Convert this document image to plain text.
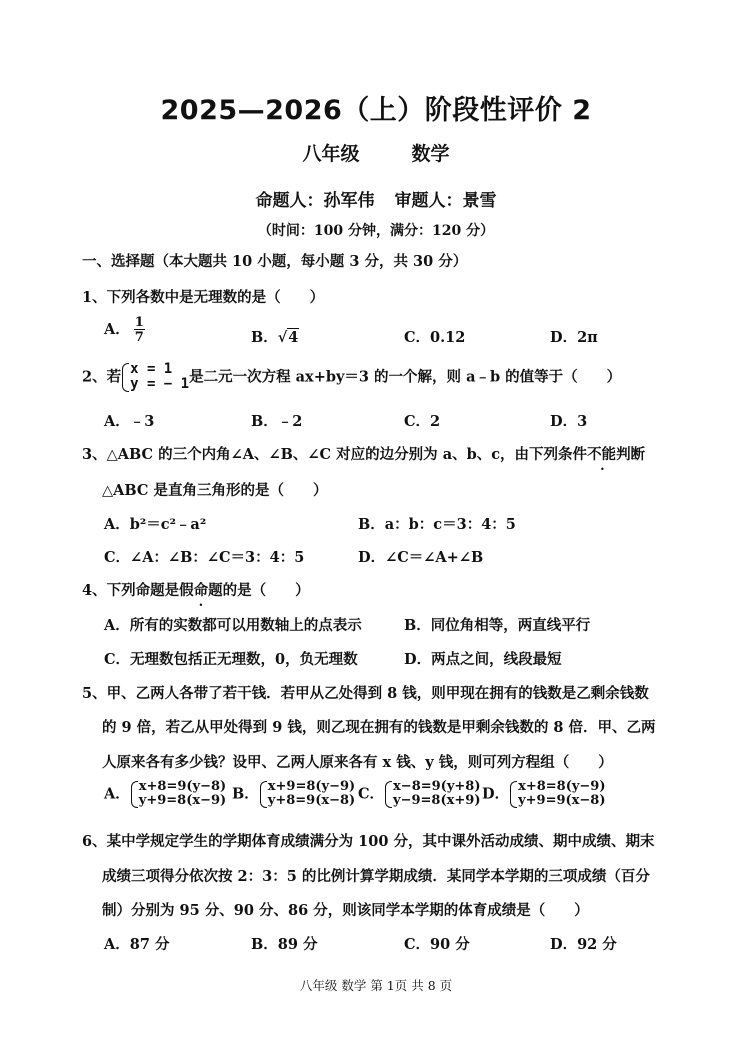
2025—2026（上）阶段性评价 2
八年级	数学
命题人：孙军伟 审题人：景雪
（时间：100 分钟，满分：120 分）
一、选择题（本大题共 10 小题，每小题 3 分，共 30 分）
1、下列各数中是无理数的是（　　）
A． $\frac{1}{7}$	B．√4	C．0.12	D．2π
2、若 x = 1
y = − 1 是二元一次方程 ax+by＝3 的一个解，则 a﹣b 的值等于（　　）
A．﹣3	B．﹣2	C．2	D．3
3、△ABC 的三个内角∠A、∠B、∠C 对应的边分别为 a、b、c，由下列条件不能判断
△ABC 是直角三角形的是（　　）
A．b²＝c²﹣a²	B．a：b：c＝3：4：5
C．∠A：∠B：∠C＝3：4：5	D．∠C＝∠A+∠B
4、下列命题是假命题的是（　　）
A．所有的实数都可以用数轴上的点表示	B．同位角相等，两直线平行
C．无理数包括正无理数，0，负无理数	D．两点之间，线段最短
5、甲、乙两人各带了若干钱．若甲从乙处得到 8 钱，则甲现在拥有的钱数是乙剩余钱数
的 9 倍，若乙从甲处得到 9 钱，则乙现在拥有的钱数是甲剩余钱数的 8 倍．甲、乙两
人原来各有多少钱？设甲、乙两人原来各有 x 钱、y 钱，则可列方程组（　　）
A． x+8=9(y−8)
y+9=8(x−9) B． x+9=8(y−9)
y+8=9(x−8) C． x−8=9(y+8)
y−9=8(x+9) D． x+8=8(y−9)
y+9=9(x−8)
6、某中学规定学生的学期体育成绩满分为 100 分，其中课外活动成绩、期中成绩、期末
成绩三项得分依次按 2：3：5 的比例计算学期成绩．某同学本学期的三项成绩（百分
制）分别为 95 分、90 分、86 分，则该同学本学期的体育成绩是（　　）
A．87 分	B．89 分	C．90 分	D．92 分
八年级 数学 第 1页 共 8 页
